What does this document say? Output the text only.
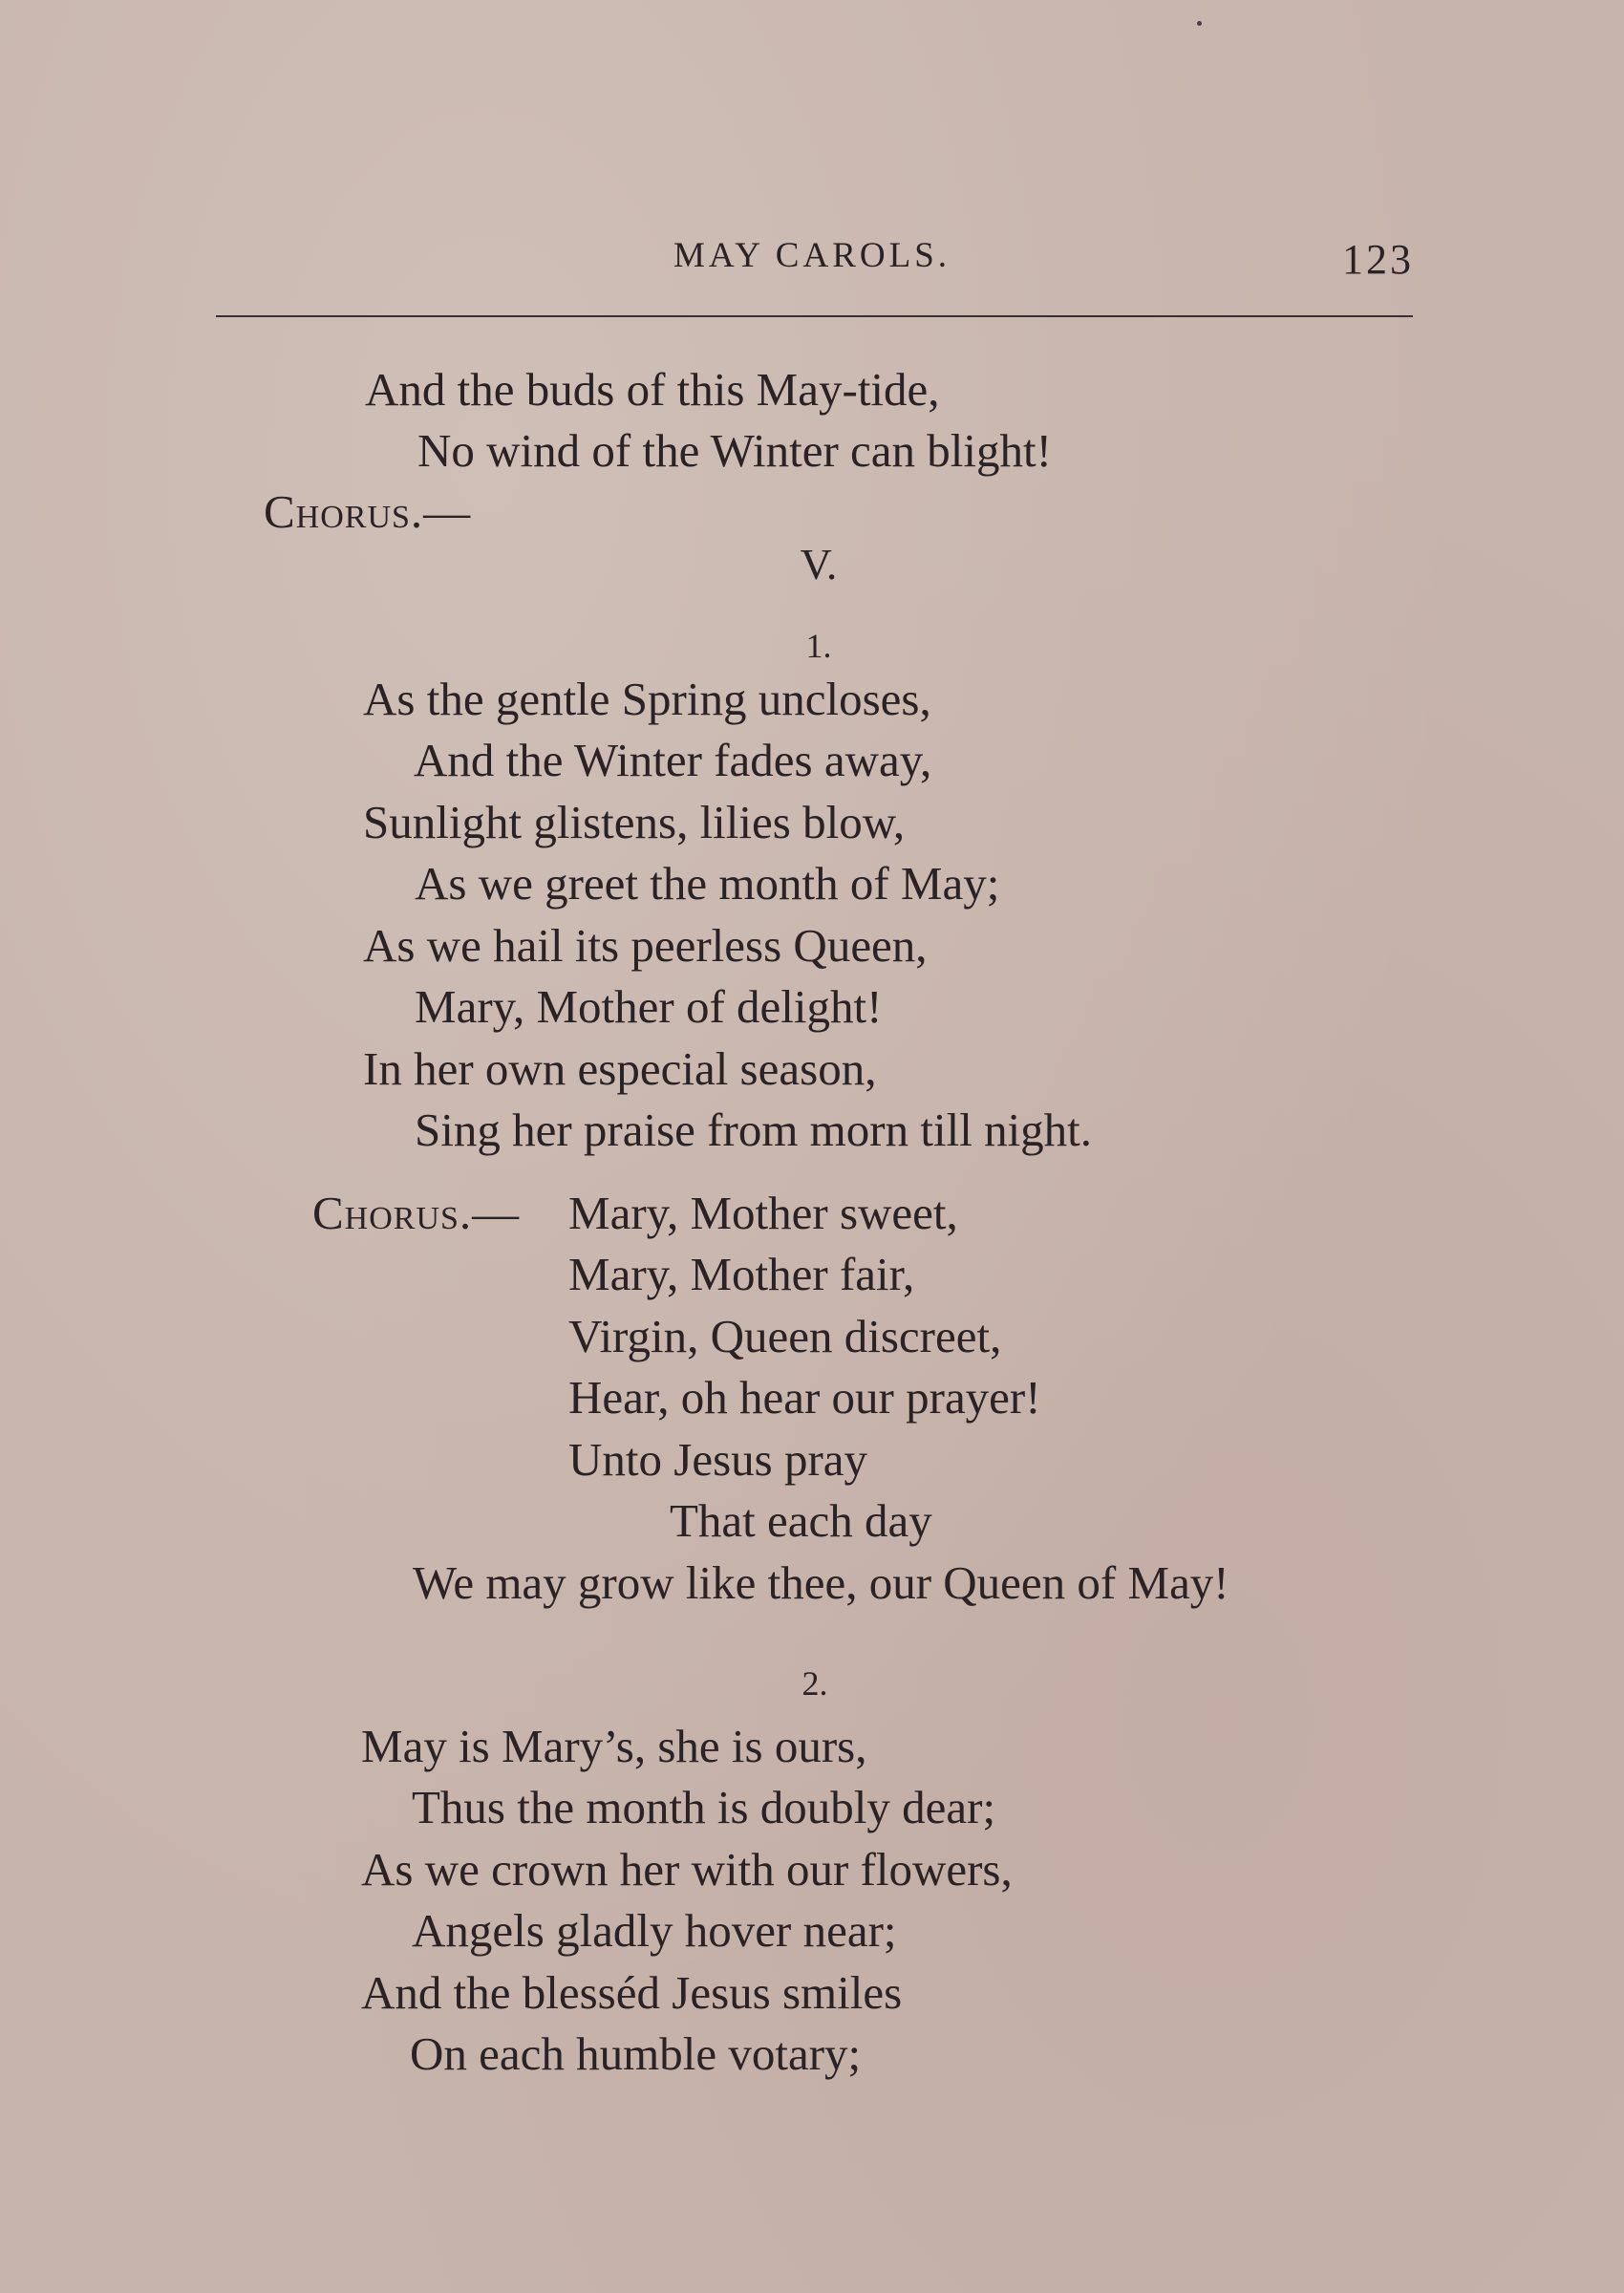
MAY CAROLS.	123
And the buds of this May-tide,
No wind of the Winter can blight!
Chorus.—
V.
1.
As the gentle Spring uncloses,
And the Winter fades away,
Sunlight glistens, lilies blow,
As we greet the month of May;
As we hail its peerless Queen,
Mary, Mother of delight!
In her own especial season,
Sing her praise from morn till night.
Chorus.— Mary, Mother sweet,
Mary, Mother fair,
Virgin, Queen discreet,
Hear, oh hear our prayer!
Unto Jesus pray
That each day
We may grow like thee, our Queen of May!
2.
May is Mary’s, she is ours,
Thus the month is doubly dear;
As we crown her with our flowers,
Angels gladly hover near;
And the blesséd Jesus smiles
On each humble votary;
